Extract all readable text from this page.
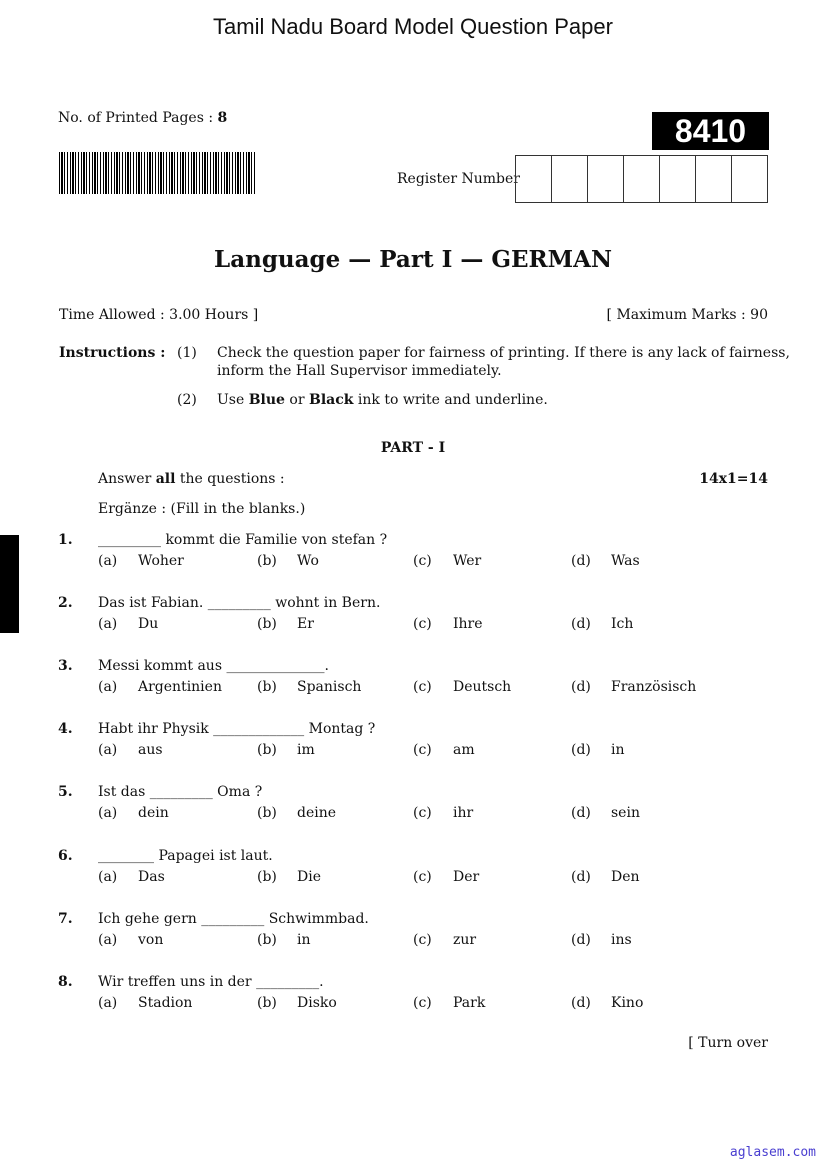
Tamil Nadu Board Model Question Paper
No. of Printed Pages : 8	8410
Register Number
Language — Part I — GERMAN
Time Allowed : 3.00 Hours ]	[ Maximum Marks : 90
Instructions : (1) Check the question paper for fairness of printing. If there is any lack of fairness,
inform the Hall Supervisor immediately.
(2) Use Blue or Black ink to write and underline.
PART - I
Answer all the questions :	14x1=14
Ergänze : (Fill in the blanks.)
1. _________ kommt die Familie von stefan ?
(a) Woher	(b) Wo	(c) Wer	(d) Was
2. Das ist Fabian. _________ wohnt in Bern.
(a) Du	(b) Er	(c) Ihre	(d) Ich
3. Messi kommt aus ______________.
(a) Argentinien	(b) Spanisch	(c) Deutsch	(d) Französisch
4. Habt ihr Physik _____________ Montag ?
(a) aus	(b) im	(c) am	(d) in
5. Ist das _________ Oma ?
(a) dein	(b) deine	(c) ihr	(d) sein
6. ________ Papagei ist laut.
(a) Das	(b) Die	(c) Der	(d) Den
7. Ich gehe gern _________ Schwimmbad.
(a) von	(b) in	(c) zur	(d) ins
8. Wir treffen uns in der _________.
(a) Stadion	(b) Disko	(c) Park	(d) Kino
[ Turn over
aglasem.com
